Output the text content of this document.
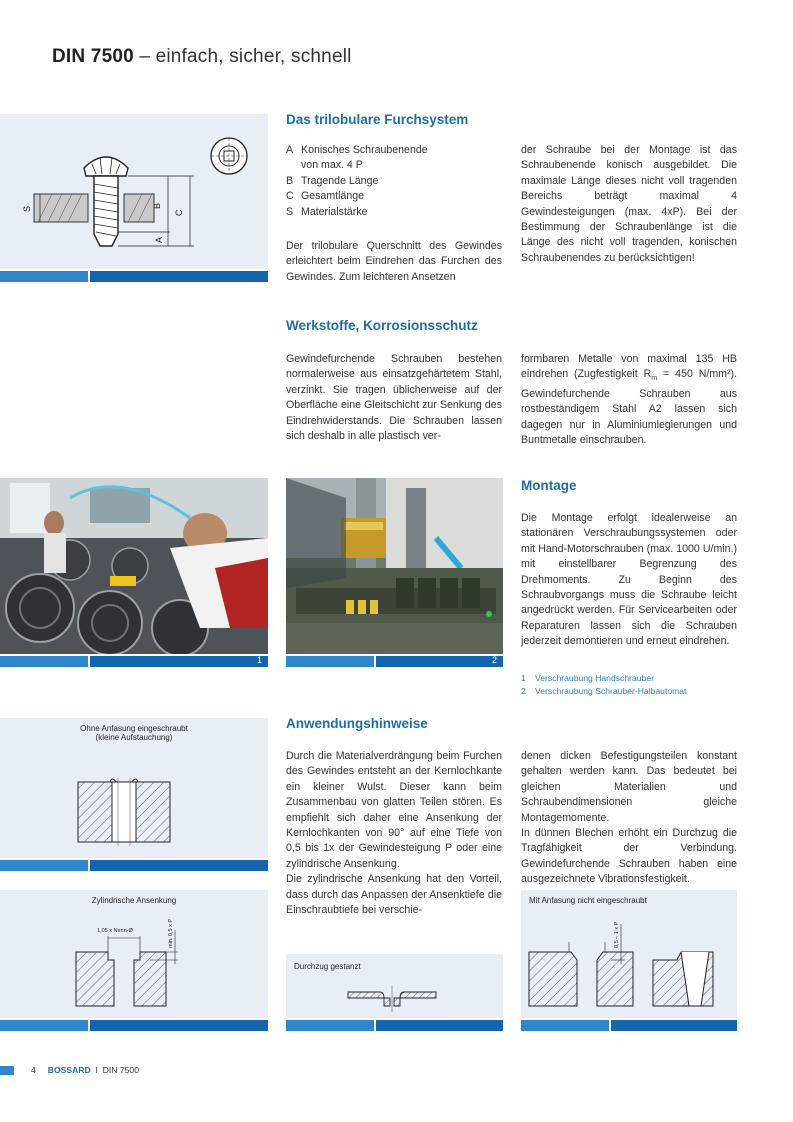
DIN 7500 – einfach, sicher, schnell
B
C
A
S
Das trilobulare Furchsystem
A Konisches Schraubenende
von max. 4 P
B Tragende Länge
C Gesamtlänge
S Materialstärke

Der trilobulare Querschnitt des Gewindes erleichtert beim Eindrehen das Furchen des Gewindes. Zum leichteren Ansetzen

der Schraube bei der Montage ist das Schraubenende konisch ausgebildet. Die maximale Länge dieses nicht voll tragenden Bereichs beträgt maximal 4 Gewindesteigungen (max. 4xP). Bei der Bestimmung der Schraubenlänge ist die Länge des nicht voll tragenden, konischen Schraubenendes zu berücksichtigen!

Werkstoffe, Korrosionsschutz

Gewindefurchende Schrauben bestehen normalerweise aus einsatzgehärtetem Stahl, verzinkt. Sie tragen üblicherweise auf der Oberfläche eine Gleitschicht zur Senkung des Eindrehwiderstands. Die Schrauben lassen sich deshalb in alle plastisch ver-

formbaren Metalle von maximal 135 HB eindrehen (Zugfestigkeit $R_m = 450$ N/mm²). Gewindefurchende Schrauben aus rostbeständigem Stahl A2 lassen sich dagegen nur in Aluminiumlegierungen und Buntmetalle einschrauben.

1	2
Montage

Die Montage erfolgt idealerweise an stationären Verschraubungssystemen oder mit Hand-Motorschrauben (max. 1000 U/min.) mit einstellbarer Begrenzung des Drehmoments. Zu Beginn des Schraubvorgangs muss die Schraube leicht angedrückt werden. Für Servicearbeiten oder Reparaturen lassen sich die Schrauben jederzeit demontieren und erneut eindrehen.

1 Verschraubung Handschrauber
2 Verschraubung Schrauber-Halbautomat
Anwendungshinweise
Ohne Anfasung eingeschraubt
(kleine Aufstauchung)
Zylindrische Ansenkung
1,05 x Nenn-Ø	min. 0,5 x P

Durch die Materialverdrängung beim Furchen des Gewindes entsteht an der Kernlochkante ein kleiner Wulst. Dieser kann beim Zusammenbau von glatten Teilen stören. Es empfiehlt sich daher eine Ansenkung der Kernlochkanten von 90° auf eine Tiefe von 0,5 bis 1x der Gewindesteigung P oder eine zylindrische Ansenkung.

Die zylindrische Ansenkung hat den Vorteil, dass durch das Anpassen der Ansenktiefe die Einschraubtiefe bei verschie-

denen dicken Befestigungsteilen konstant gehalten werden kann. Das bedeutet bei gleichen Materialien und Schraubendimensionen gleiche Montagemomente.

In dünnen Blechen erhöht ein Durchzug die Tragfähigkeit der Verbindung. Gewindefurchende Schrauben haben eine ausgezeichnete Vibrationsfestigkeit.

Durchzug gestanzt
Mit Anfasung nicht eingeschraubt
0,5 – 1 x P
4 BOSSARD I DIN 7500
